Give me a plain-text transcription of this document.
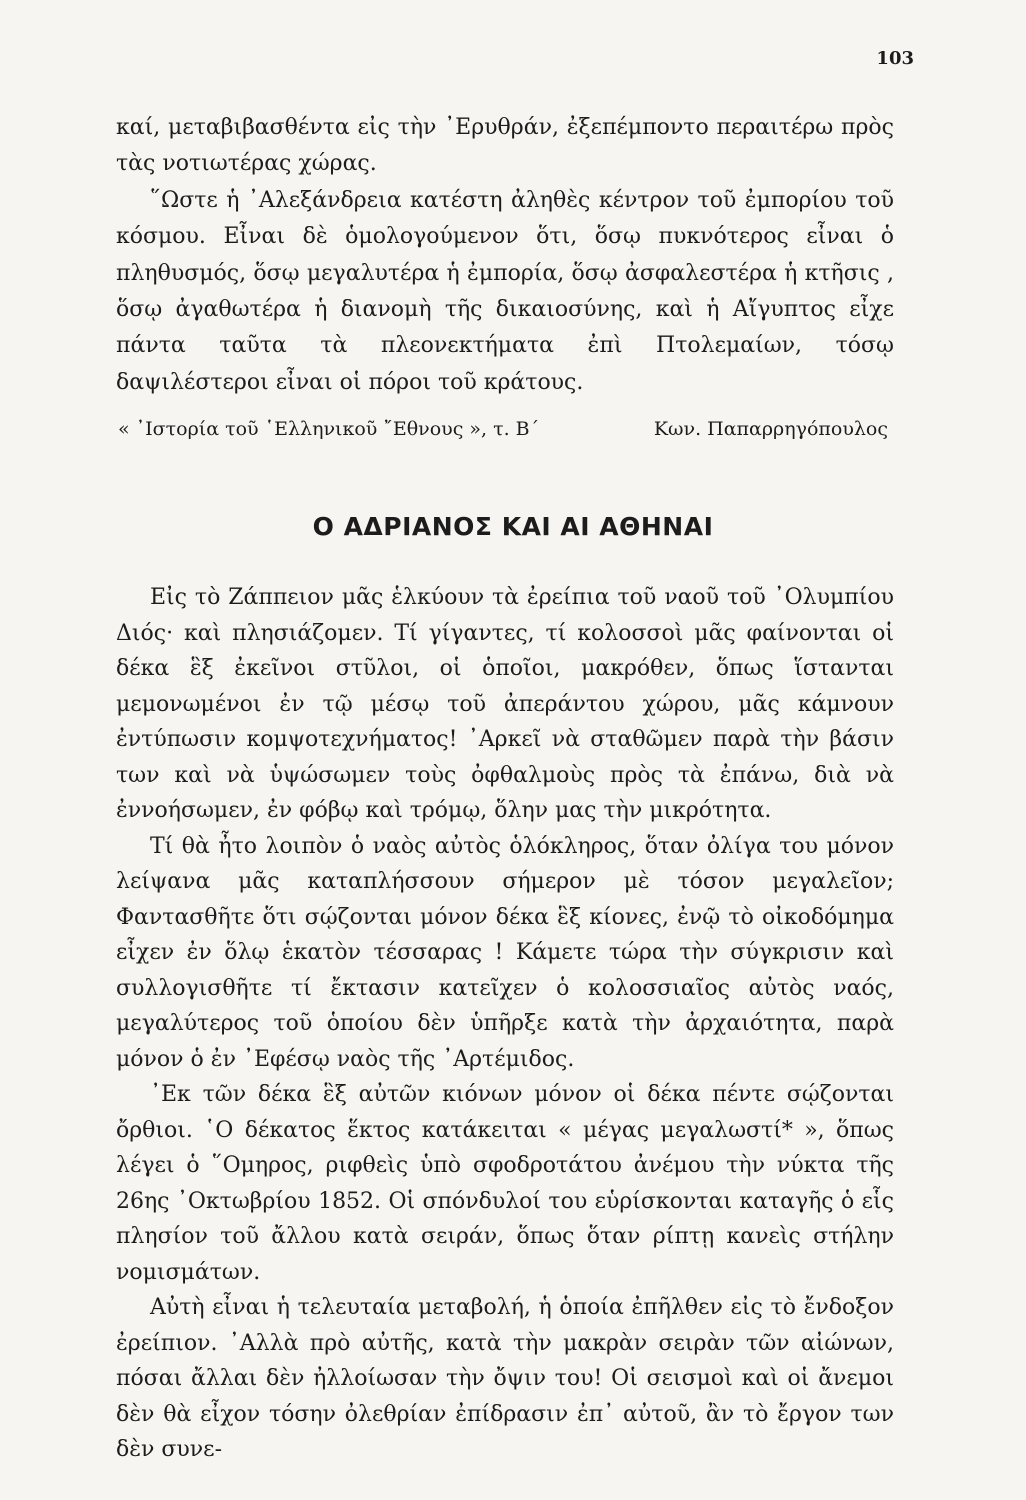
103

καί, μεταβιβασθέντα εἰς τὴν ᾿Ερυθράν, ἐξεπέμποντο περαιτέρω πρὸς τὰς νοτιωτέρας χώρας.

῞Ωστε ἡ ᾿Αλεξάνδρεια κατέστη ἀληθὲς κέντρον τοῦ ἐμπορίου τοῦ κόσμου. Εἶναι δὲ ὁμολογούμενον ὅτι, ὅσῳ πυκνότερος εἶναι ὁ πληθυσμός, ὅσῳ μεγαλυτέρα ἡ ἐμπορία, ὅσῳ ἀσφαλεστέρα ἡ κτῆσις , ὅσῳ ἀγαθωτέρα ἡ διανομὴ τῆς δικαιοσύνης, καὶ ἡ Αἴγυπτος εἶχε πάντα ταῦτα τὰ πλεονεκτήματα ἐπὶ Πτολεμαίων, τόσῳ δαψιλέστεροι εἶναι οἱ πόροι τοῦ κράτους.

« ᾿Ιστορία τοῦ ῾Ελληνικοῦ ῎Εθνους », τ. Β΄	Κων. Παπαρρηγόπουλος
Ο ΑΔΡΙΑΝΟΣ ΚΑΙ ΑΙ ΑΘΗΝΑΙ

Εἰς τὸ Ζάππειον μᾶς ἑλκύουν τὰ ἐρείπια τοῦ ναοῦ τοῦ ᾿Ολυμπίου Διός· καὶ πλησιάζομεν. Τί γίγαντες, τί κολοσσοὶ μᾶς φαίνονται οἱ δέκα ἓξ ἐκεῖνοι στῦλοι, οἱ ὁποῖοι, μακρόθεν, ὅπως ἵστανται μεμονωμένοι ἐν τῷ μέσῳ τοῦ ἀπεράντου χώρου, μᾶς κάμνουν ἐντύπωσιν κομψοτεχνήματος! ᾿Αρκεῖ νὰ σταθῶμεν παρὰ τὴν βάσιν των καὶ νὰ ὑψώσωμεν τοὺς ὀφθαλμοὺς πρὸς τὰ ἐπάνω, διὰ νὰ ἐννοήσωμεν, ἐν φόβῳ καὶ τρόμῳ, ὅλην μας τὴν μικρότητα.

Τί θὰ ἦτο λοιπὸν ὁ ναὸς αὐτὸς ὁλόκληρος, ὅταν ὀλίγα του μόνον λείψανα μᾶς καταπλήσσουν σήμερον μὲ τόσον μεγαλεῖον; Φαντασθῆτε ὅτι σῴζονται μόνον δέκα ἓξ κίονες, ἐνῷ τὸ οἰκοδόμημα εἶχεν ἐν ὅλῳ ἑκατὸν τέσσαρας ! Κάμετε τώρα τὴν σύγκρισιν καὶ συλλογισθῆτε τί ἔκτασιν κατεῖχεν ὁ κολοσσιαῖος αὐτὸς ναός, μεγαλύτερος τοῦ ὁποίου δὲν ὑπῆρξε κατὰ τὴν ἀρχαιότητα, παρὰ μόνον ὁ ἐν ᾿Εφέσῳ ναὸς τῆς ᾿Αρτέμιδος.

᾿Εκ τῶν δέκα ἓξ αὐτῶν κιόνων μόνον οἱ δέκα πέντε σῴζονται ὄρθιοι. ῾Ο δέκατος ἕκτος κατάκειται « μέγας μεγαλωστί* », ὅπως λέγει ὁ ῞Ομηρος, ριφθεὶς ὑπὸ σφοδροτάτου ἀνέμου τὴν νύκτα τῆς 26ης ᾿Οκτωβρίου 1852. Οἱ σπόνδυλοί του εὑρίσκονται καταγῆς ὁ εἷς πλησίον τοῦ ἄλλου κατὰ σειράν, ὅπως ὅταν ρίπτῃ κανεὶς στήλην νομισμάτων.

Αὐτὴ εἶναι ἡ τελευταία μεταβολή, ἡ ὁποία ἐπῆλθεν εἰς τὸ ἔνδοξον ἐρείπιον. ᾿Αλλὰ πρὸ αὐτῆς, κατὰ τὴν μακρὰν σειρὰν τῶν αἰώνων, πόσαι ἄλλαι δὲν ἠλλοίωσαν τὴν ὄψιν του! Οἱ σεισμοὶ καὶ οἱ ἄνεμοι δὲν θὰ εἶχον τόσην ὀλεθρίαν ἐπίδρασιν ἐπ᾿ αὐτοῦ, ἂν τὸ ἔργον των δὲν συνε-
